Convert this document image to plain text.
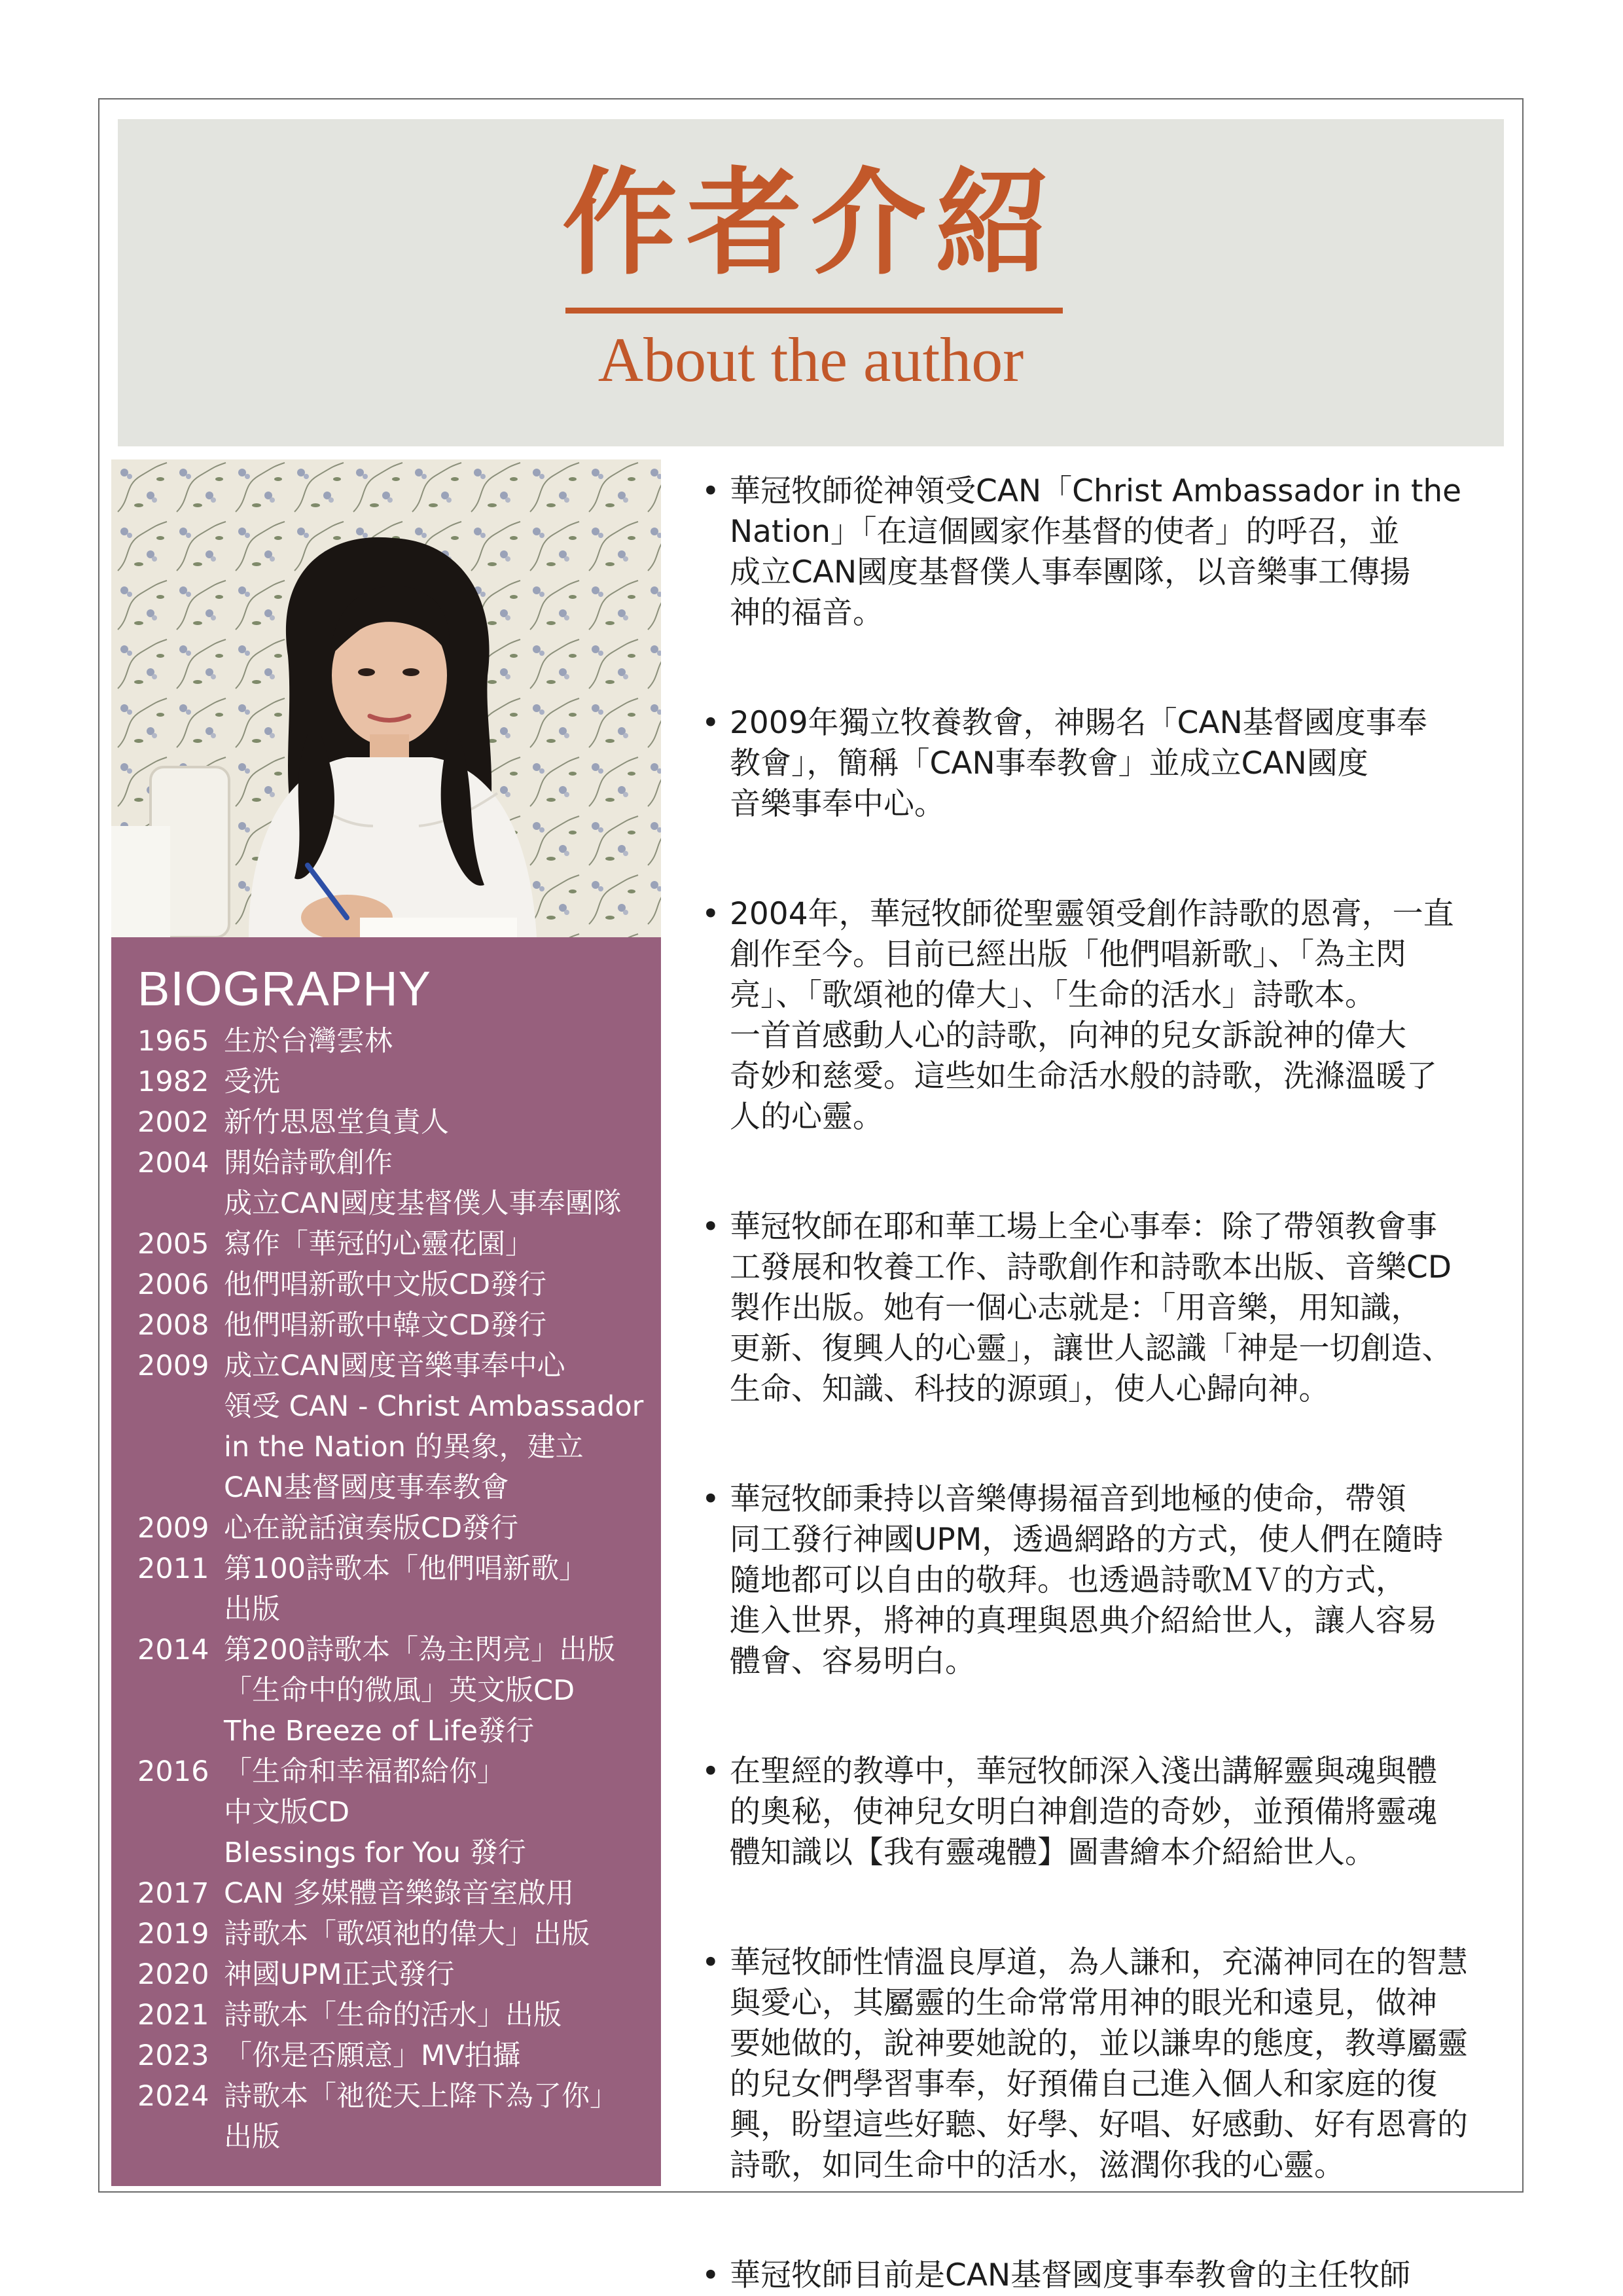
作者介紹
About the author
BIOGRAPHY
1965 生於台灣雲林
1982 受洗
2002 新竹思恩堂負責人
2004 開始詩歌創作
成立CAN國度基督僕人事奉團隊
2005 寫作「華冠的心靈花園」
2006 他們唱新歌中文版CD發行
2008 他們唱新歌中韓文CD發行
2009 成立CAN國度音樂事奉中心
領受 CAN - Christ Ambassador
in the Nation 的異象，建立
CAN基督國度事奉教會
2009 心在說話演奏版CD發行
2011 第100詩歌本「他們唱新歌」
出版
2014 第200詩歌本「為主閃亮」出版
「生命中的微風」英文版CD
The Breeze of Life發行
2016 「生命和幸福都給你」
中文版CD
Blessings for You 發行
2017 CAN 多媒體音樂錄音室啟用
2019 詩歌本「歌頌祂的偉大」出版
2020 神國UPM正式發行
2021 詩歌本「生命的活水」出版
2023 「你是否願意」MV拍攝
2024 詩歌本「祂從天上降下為了你」
出版
• 華冠牧師從神領受CAN「Christ Ambassador in the
Nation」「在這個國家作基督的使者」的呼召，並
成立CAN國度基督僕人事奉團隊，以音樂事工傳揚
神的福音。
• 2009年獨立牧養教會，神賜名「CAN基督國度事奉
教會」，簡稱「CAN事奉教會」並成立CAN國度
音樂事奉中心。
• 2004年，華冠牧師從聖靈領受創作詩歌的恩膏，一直
創作至今。目前已經出版「他們唱新歌」、「為主閃
亮」、「歌頌祂的偉大」、「生命的活水」詩歌本。
一首首感動人心的詩歌，向神的兒女訴說神的偉大
奇妙和慈愛。這些如生命活水般的詩歌，洗滌溫暖了
人的心靈。
• 華冠牧師在耶和華工場上全心事奉：除了帶領教會事
工發展和牧養工作、詩歌創作和詩歌本出版、音樂CD
製作出版。她有一個心志就是：「用音樂，用知識，
更新、復興人的心靈」，讓世人認識「神是一切創造、
生命、知識、科技的源頭」，使人心歸向神。
• 華冠牧師秉持以音樂傳揚福音到地極的使命，帶領
同工發行神國UPM，透過網路的方式，使人們在隨時
隨地都可以自由的敬拜。也透過詩歌ＭＶ的方式，
進入世界，將神的真理與恩典介紹給世人，讓人容易
體會、容易明白。
• 在聖經的教導中，華冠牧師深入淺出講解靈與魂與體
的奧秘，使神兒女明白神創造的奇妙，並預備將靈魂
體知識以【我有靈魂體】圖書繪本介紹給世人。
• 華冠牧師性情溫良厚道，為人謙和，充滿神同在的智慧
與愛心，其屬靈的生命常常用神的眼光和遠見，做神
要她做的，說神要她說的，並以謙卑的態度，教導屬靈
的兒女們學習事奉，好預備自己進入個人和家庭的復
興，盼望這些好聽、好學、好唱、好感動、好有恩膏的
詩歌，如同生命中的活水，滋潤你我的心靈。
• 華冠牧師目前是CAN基督國度事奉教會的主任牧師
